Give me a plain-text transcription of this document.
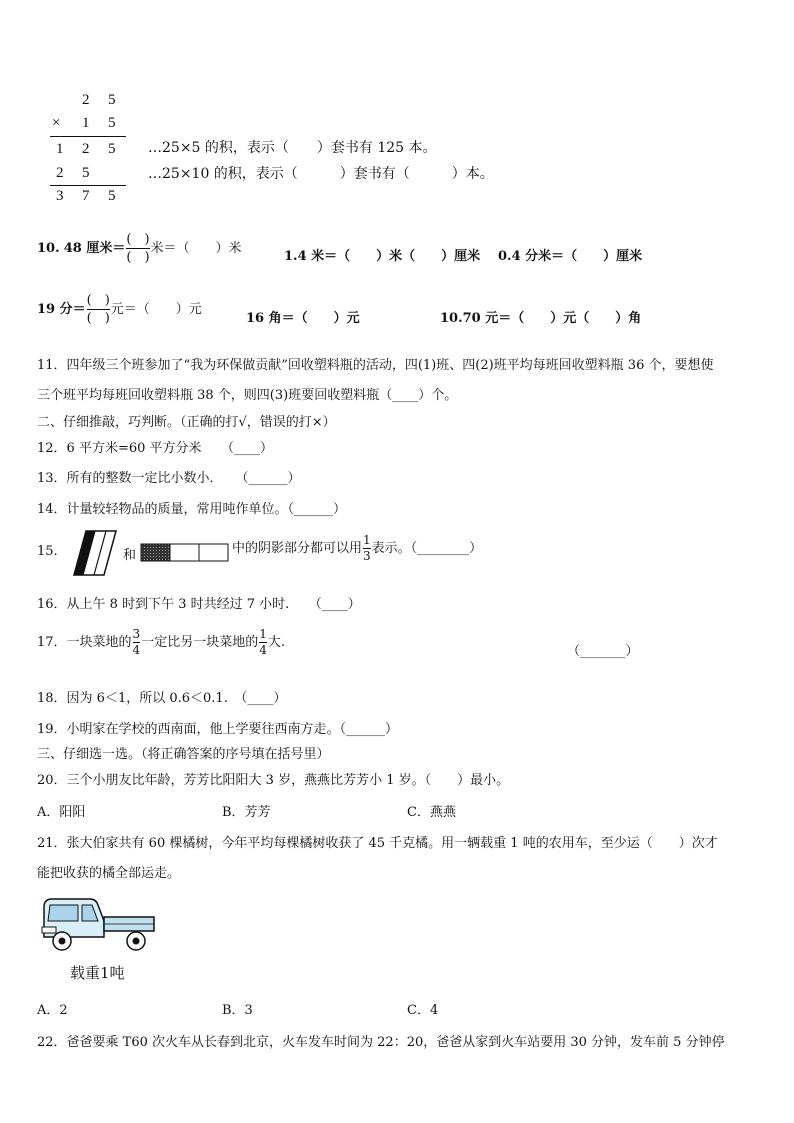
2 5
× 1 5
1 2 5
2 5
3 7 5
…25×5 的积，表示（　　）套书有 125 本。
…25×10 的积，表示（　　　）套书有（　　　）本。
10. 48 厘米＝ $\frac{( )}{( )}$ 米＝（　　）米
1.4 米＝（　　）米（　　）厘米 0.4 分米＝（　　）厘米
19 分＝ $\frac{( )}{( )}$ 元＝（　　）元
16 角＝（　　）元	10.70 元＝（　　）元（　　）角
11．四年级三个班参加了“我为环保做贡献”回收塑料瓶的活动，四(1)班、四(2)班平均每班回收塑料瓶 36 个，要想使
三个班平均每班回收塑料瓶 38 个，则四(3)班要回收塑料瓶（____）个。
二、仔细推敲，巧判断。（正确的打√，错误的打×）
12．6 平方米=60 平方分米　　（____）
13．所有的整数一定比小数小．　　（______）
14．计量较轻物品的质量，常用吨作单位。（______）
15.	和	中的阴影部分都可以用 $\frac{1}{3}$ 表示。（________）
16．从上午 8 时到下午 3 时共经过 7 小时.　　（____）
17．一块菜地的 $\frac{3}{4}$ 一定比另一块菜地的 $\frac{1}{4}$ 大.
（_______）
18．因为 6＜1，所以 0.6＜0.1.　（____）
19．小明家在学校的西南面，他上学要往西南方走。（______）
三、仔细选一选。（将正确答案的序号填在括号里）
20．三个小朋友比年龄，芳芳比阳阳大 3 岁，燕燕比芳芳小 1 岁。（　　）最小。
A．阳阳	B．芳芳	C．燕燕
21．张大伯家共有 60 棵橘树，今年平均每棵橘树收获了 45 千克橘。用一辆载重 1 吨的农用车，至少运（　　）次才
能把收获的橘全部运走。
载重1吨
A．2	B．3	C．4
22．爸爸要乘 T60 次火车从长春到北京，火车发车时间为 22：20，爸爸从家到火车站要用 30 分钟，发车前 5 分钟停
